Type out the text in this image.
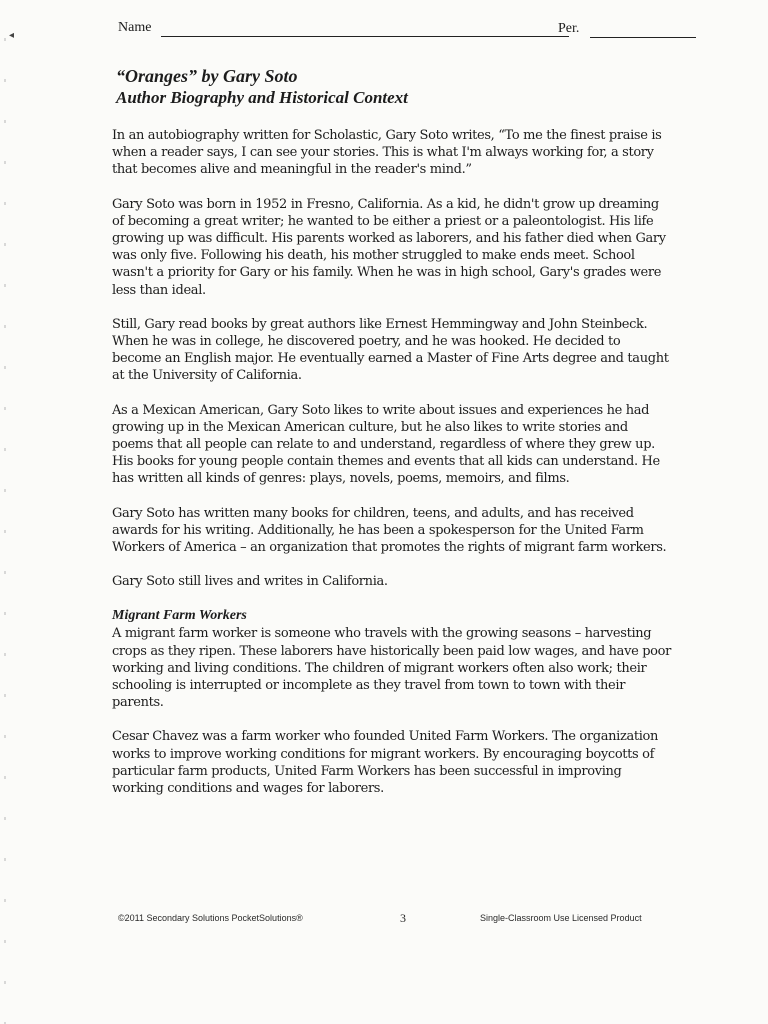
◂
Name	Per.
“Oranges” by Gary Soto
Author Biography and Historical Context

In an autobiography written for Scholastic, Gary Soto writes, “To me the finest praise is when a reader says, I can see your stories. This is what I'm always working for, a story that becomes alive and meaningful in the reader's mind.”

Gary Soto was born in 1952 in Fresno, California. As a kid, he didn't grow up dreaming of becoming a great writer; he wanted to be either a priest or a paleontologist. His life growing up was difficult. His parents worked as laborers, and his father died when Gary was only five. Following his death, his mother struggled to make ends meet. School wasn't a priority for Gary or his family. When he was in high school, Gary's grades were less than ideal.

Still, Gary read books by great authors like Ernest Hemmingway and John Steinbeck. When he was in college, he discovered poetry, and he was hooked. He decided to become an English major. He eventually earned a Master of Fine Arts degree and taught at the University of California.

As a Mexican American, Gary Soto likes to write about issues and experiences he had growing up in the Mexican American culture, but he also likes to write stories and poems that all people can relate to and understand, regardless of where they grew up. His books for young people contain themes and events that all kids can understand. He has written all kinds of genres: plays, novels, poems, memoirs, and films.

Gary Soto has written many books for children, teens, and adults, and has received awards for his writing. Additionally, he has been a spokesperson for the United Farm Workers of America – an organization that promotes the rights of migrant farm workers.

Gary Soto still lives and writes in California.

Migrant Farm Workers

A migrant farm worker is someone who travels with the growing seasons – harvesting crops as they ripen. These laborers have historically been paid low wages, and have poor working and living conditions. The children of migrant workers often also work; their schooling is interrupted or incomplete as they travel from town to town with their parents.

Cesar Chavez was a farm worker who founded United Farm Workers. The organization works to improve working conditions for migrant workers. By encouraging boycotts of particular farm products, United Farm Workers has been successful in improving working conditions and wages for laborers.

©2011 Secondary Solutions PocketSolutions®	3	Single-Classroom Use Licensed Product
